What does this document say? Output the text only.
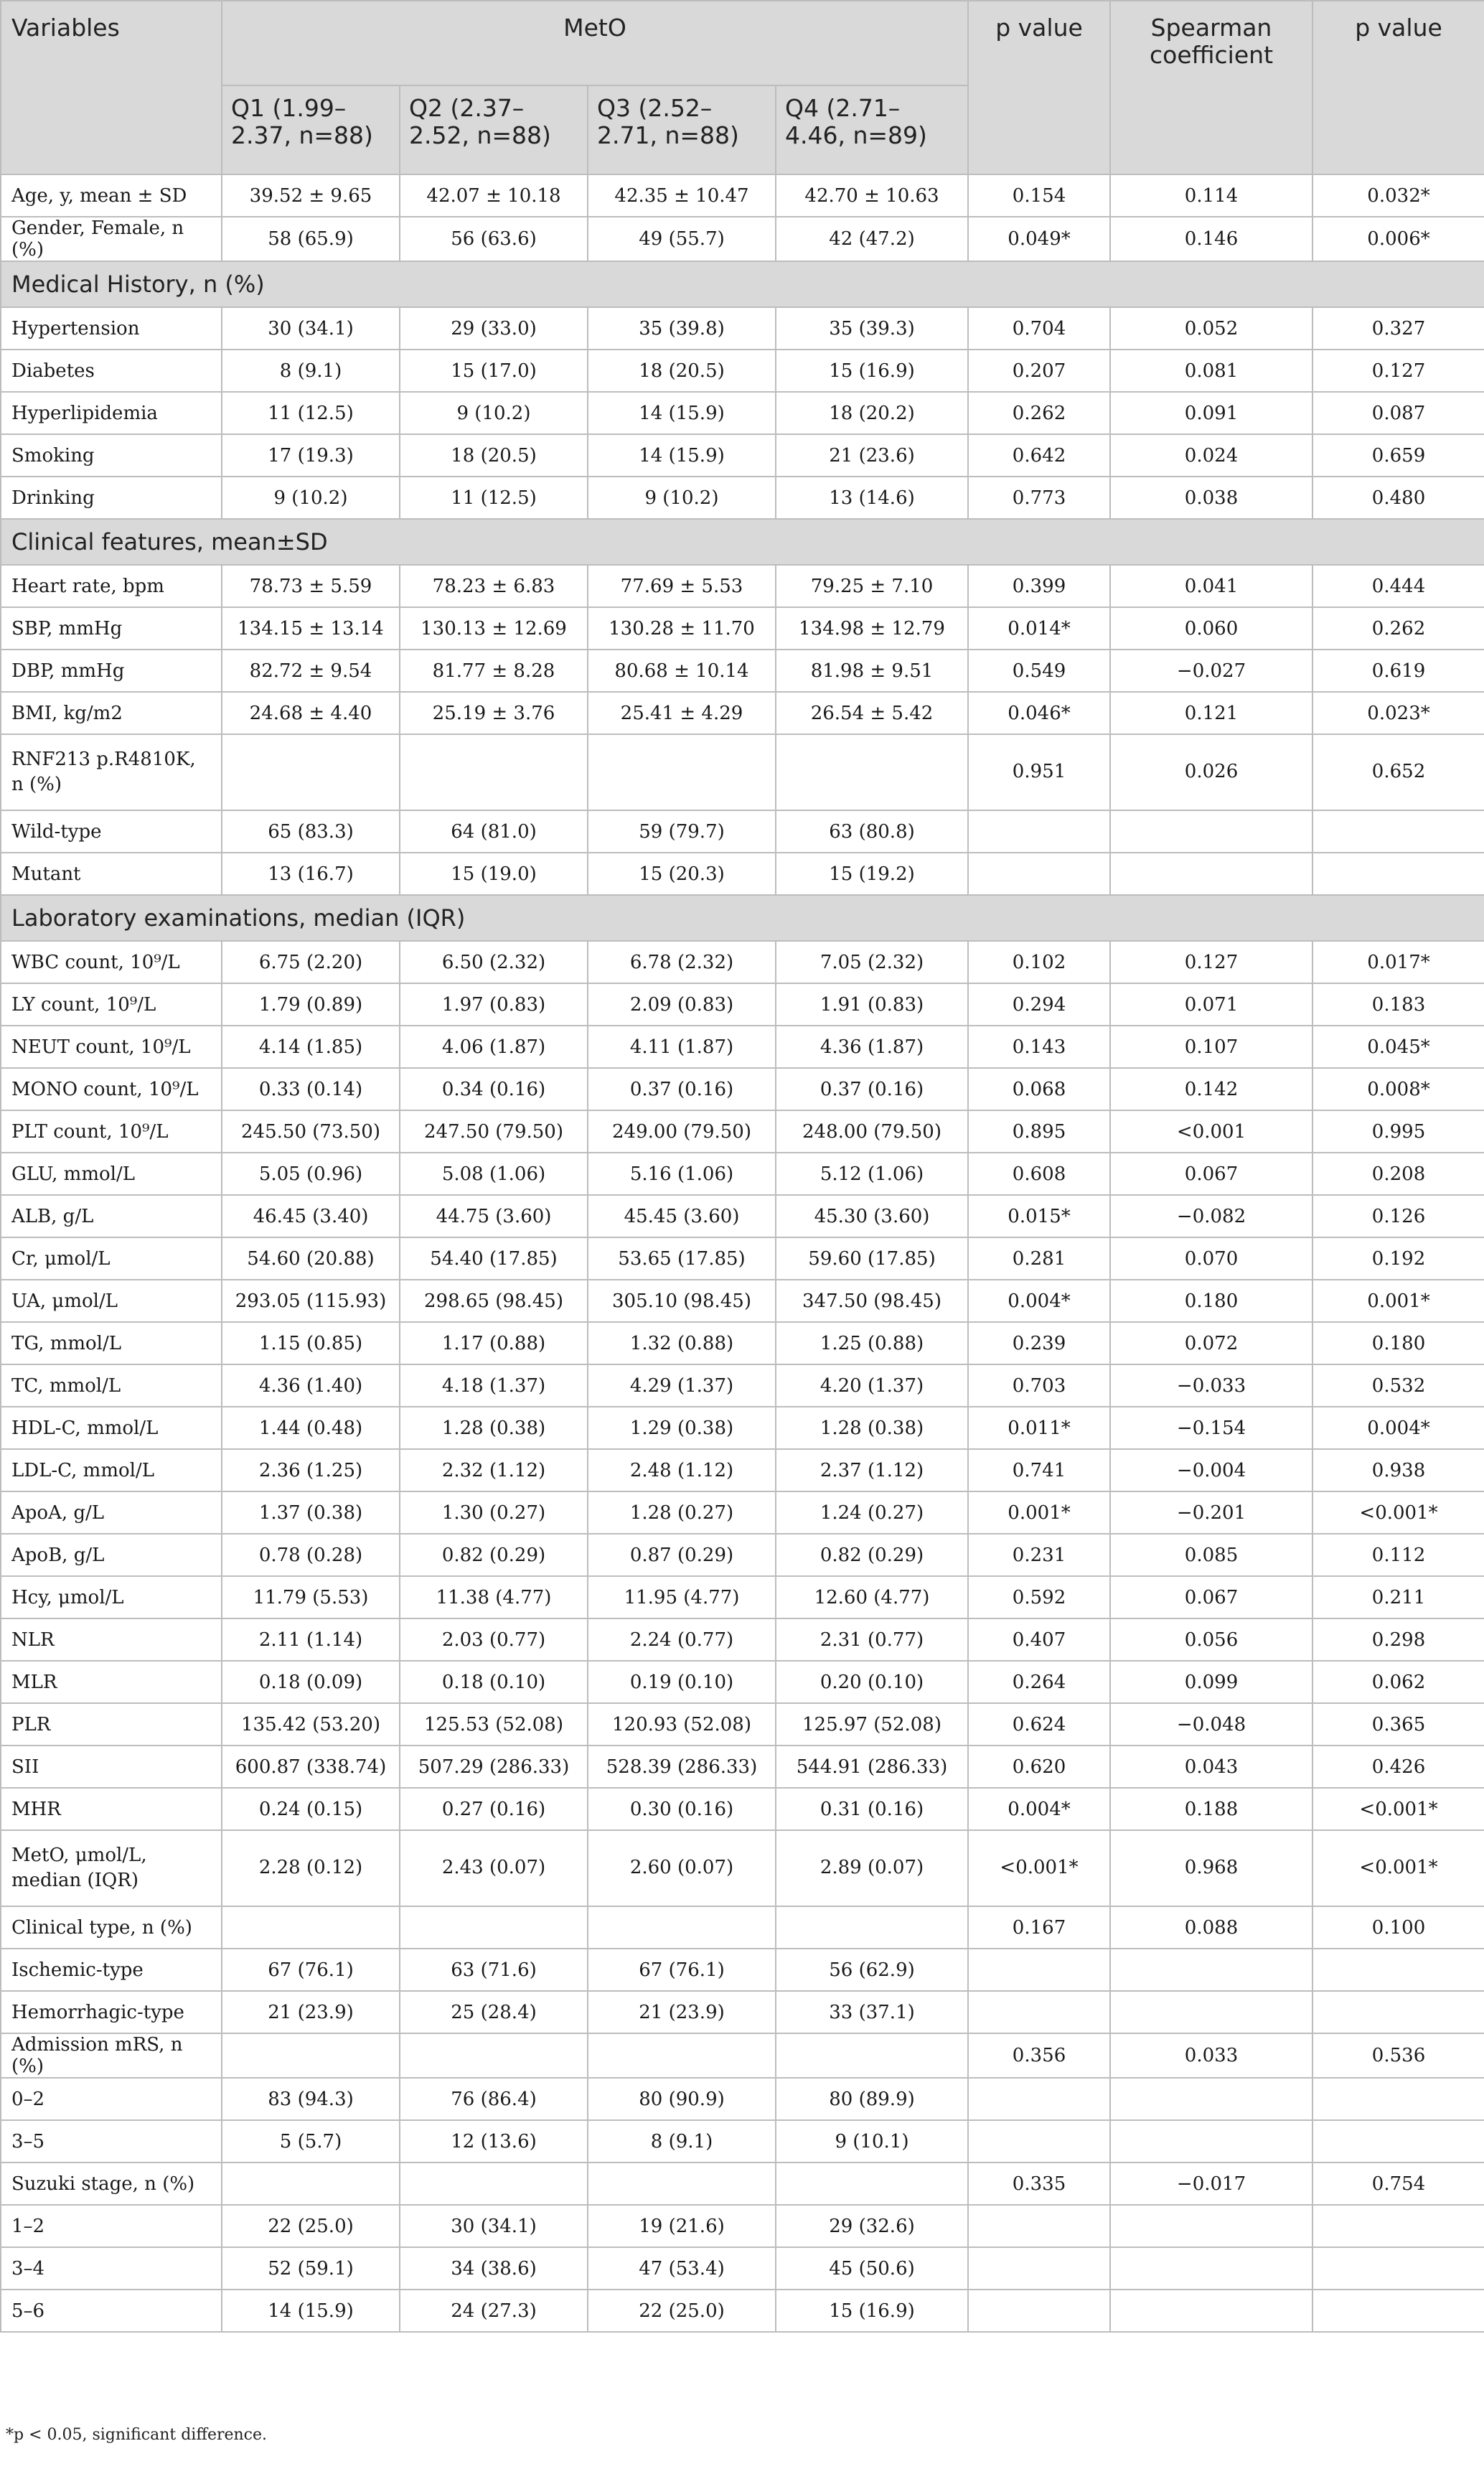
Variables	MetO				p value	Spearman coefficient	p value
	Q1 (1.99–2.37, n=88)	Q2 (2.37–2.52, n=88)	Q3 (2.52–2.71, n=88)	Q4 (2.71–4.46, n=89)			
Age, y, mean ± SD	39.52 ± 9.65	42.07 ± 10.18	42.35 ± 10.47	42.70 ± 10.63	0.154	0.114	0.032*
Gender, Female, n (%)	58 (65.9)	56 (63.6)	49 (55.7)	42 (47.2)	0.049*	0.146	0.006*
Medical History, n (%)							
Hypertension	30 (34.1)	29 (33.0)	35 (39.8)	35 (39.3)	0.704	0.052	0.327
Diabetes	8 (9.1)	15 (17.0)	18 (20.5)	15 (16.9)	0.207	0.081	0.127
Hyperlipidemia	11 (12.5)	9 (10.2)	14 (15.9)	18 (20.2)	0.262	0.091	0.087
Smoking	17 (19.3)	18 (20.5)	14 (15.9)	21 (23.6)	0.642	0.024	0.659
Drinking	9 (10.2)	11 (12.5)	9 (10.2)	13 (14.6)	0.773	0.038	0.480
Clinical features, mean±SD							
Heart rate, bpm	78.73 ± 5.59	78.23 ± 6.83	77.69 ± 5.53	79.25 ± 7.10	0.399	0.041	0.444
SBP, mmHg	134.15 ± 13.14	130.13 ± 12.69	130.28 ± 11.70	134.98 ± 12.79	0.014*	0.060	0.262
DBP, mmHg	82.72 ± 9.54	81.77 ± 8.28	80.68 ± 10.14	81.98 ± 9.51	0.549	−0.027	0.619
BMI, kg/m2	24.68 ± 4.40	25.19 ± 3.76	25.41 ± 4.29	26.54 ± 5.42	0.046*	0.121	0.023*
RNF213 p.R4810K, n (%)					0.951	0.026	0.652
Wild-type	65 (83.3)	64 (81.0)	59 (79.7)	63 (80.8)			
Mutant	13 (16.7)	15 (19.0)	15 (20.3)	15 (19.2)			
Laboratory examinations, median (IQR)							
WBC count, 10⁹/L	6.75 (2.20)	6.50 (2.32)	6.78 (2.32)	7.05 (2.32)	0.102	0.127	0.017*
LY count, 10⁹/L	1.79 (0.89)	1.97 (0.83)	2.09 (0.83)	1.91 (0.83)	0.294	0.071	0.183
NEUT count, 10⁹/L	4.14 (1.85)	4.06 (1.87)	4.11 (1.87)	4.36 (1.87)	0.143	0.107	0.045*
MONO count, 10⁹/L	0.33 (0.14)	0.34 (0.16)	0.37 (0.16)	0.37 (0.16)	0.068	0.142	0.008*
PLT count, 10⁹/L	245.50 (73.50)	247.50 (79.50)	249.00 (79.50)	248.00 (79.50)	0.895	<0.001	0.995
GLU, mmol/L	5.05 (0.96)	5.08 (1.06)	5.16 (1.06)	5.12 (1.06)	0.608	0.067	0.208
ALB, g/L	46.45 (3.40)	44.75 (3.60)	45.45 (3.60)	45.30 (3.60)	0.015*	−0.082	0.126
Cr, μmol/L	54.60 (20.88)	54.40 (17.85)	53.65 (17.85)	59.60 (17.85)	0.281	0.070	0.192
UA, μmol/L	293.05 (115.93)	298.65 (98.45)	305.10 (98.45)	347.50 (98.45)	0.004*	0.180	0.001*
TG, mmol/L	1.15 (0.85)	1.17 (0.88)	1.32 (0.88)	1.25 (0.88)	0.239	0.072	0.180
TC, mmol/L	4.36 (1.40)	4.18 (1.37)	4.29 (1.37)	4.20 (1.37)	0.703	−0.033	0.532
HDL-C, mmol/L	1.44 (0.48)	1.28 (0.38)	1.29 (0.38)	1.28 (0.38)	0.011*	−0.154	0.004*
LDL-C, mmol/L	2.36 (1.25)	2.32 (1.12)	2.48 (1.12)	2.37 (1.12)	0.741	−0.004	0.938
ApoA, g/L	1.37 (0.38)	1.30 (0.27)	1.28 (0.27)	1.24 (0.27)	0.001*	−0.201	<0.001*
ApoB, g/L	0.78 (0.28)	0.82 (0.29)	0.87 (0.29)	0.82 (0.29)	0.231	0.085	0.112
Hcy, μmol/L	11.79 (5.53)	11.38 (4.77)	11.95 (4.77)	12.60 (4.77)	0.592	0.067	0.211
NLR	2.11 (1.14)	2.03 (0.77)	2.24 (0.77)	2.31 (0.77)	0.407	0.056	0.298
MLR	0.18 (0.09)	0.18 (0.10)	0.19 (0.10)	0.20 (0.10)	0.264	0.099	0.062
PLR	135.42 (53.20)	125.53 (52.08)	120.93 (52.08)	125.97 (52.08)	0.624	−0.048	0.365
SII	600.87 (338.74)	507.29 (286.33)	528.39 (286.33)	544.91 (286.33)	0.620	0.043	0.426
MHR	0.24 (0.15)	0.27 (0.16)	0.30 (0.16)	0.31 (0.16)	0.004*	0.188	<0.001*
MetO, μmol/L, median (IQR)	2.28 (0.12)	2.43 (0.07)	2.60 (0.07)	2.89 (0.07)	<0.001*	0.968	<0.001*
Clinical type, n (%)					0.167	0.088	0.100
Ischemic-type	67 (76.1)	63 (71.6)	67 (76.1)	56 (62.9)			
Hemorrhagic-type	21 (23.9)	25 (28.4)	21 (23.9)	33 (37.1)			
Admission mRS, n (%)					0.356	0.033	0.536
0–2	83 (94.3)	76 (86.4)	80 (90.9)	80 (89.9)			
3–5	5 (5.7)	12 (13.6)	8 (9.1)	9 (10.1)			
Suzuki stage, n (%)					0.335	−0.017	0.754
1–2	22 (25.0)	30 (34.1)	19 (21.6)	29 (32.6)			
3–4	52 (59.1)	34 (38.6)	47 (53.4)	45 (50.6)			
5–6	14 (15.9)	24 (27.3)	22 (25.0)	15 (16.9)			
*p < 0.05, significant difference.
